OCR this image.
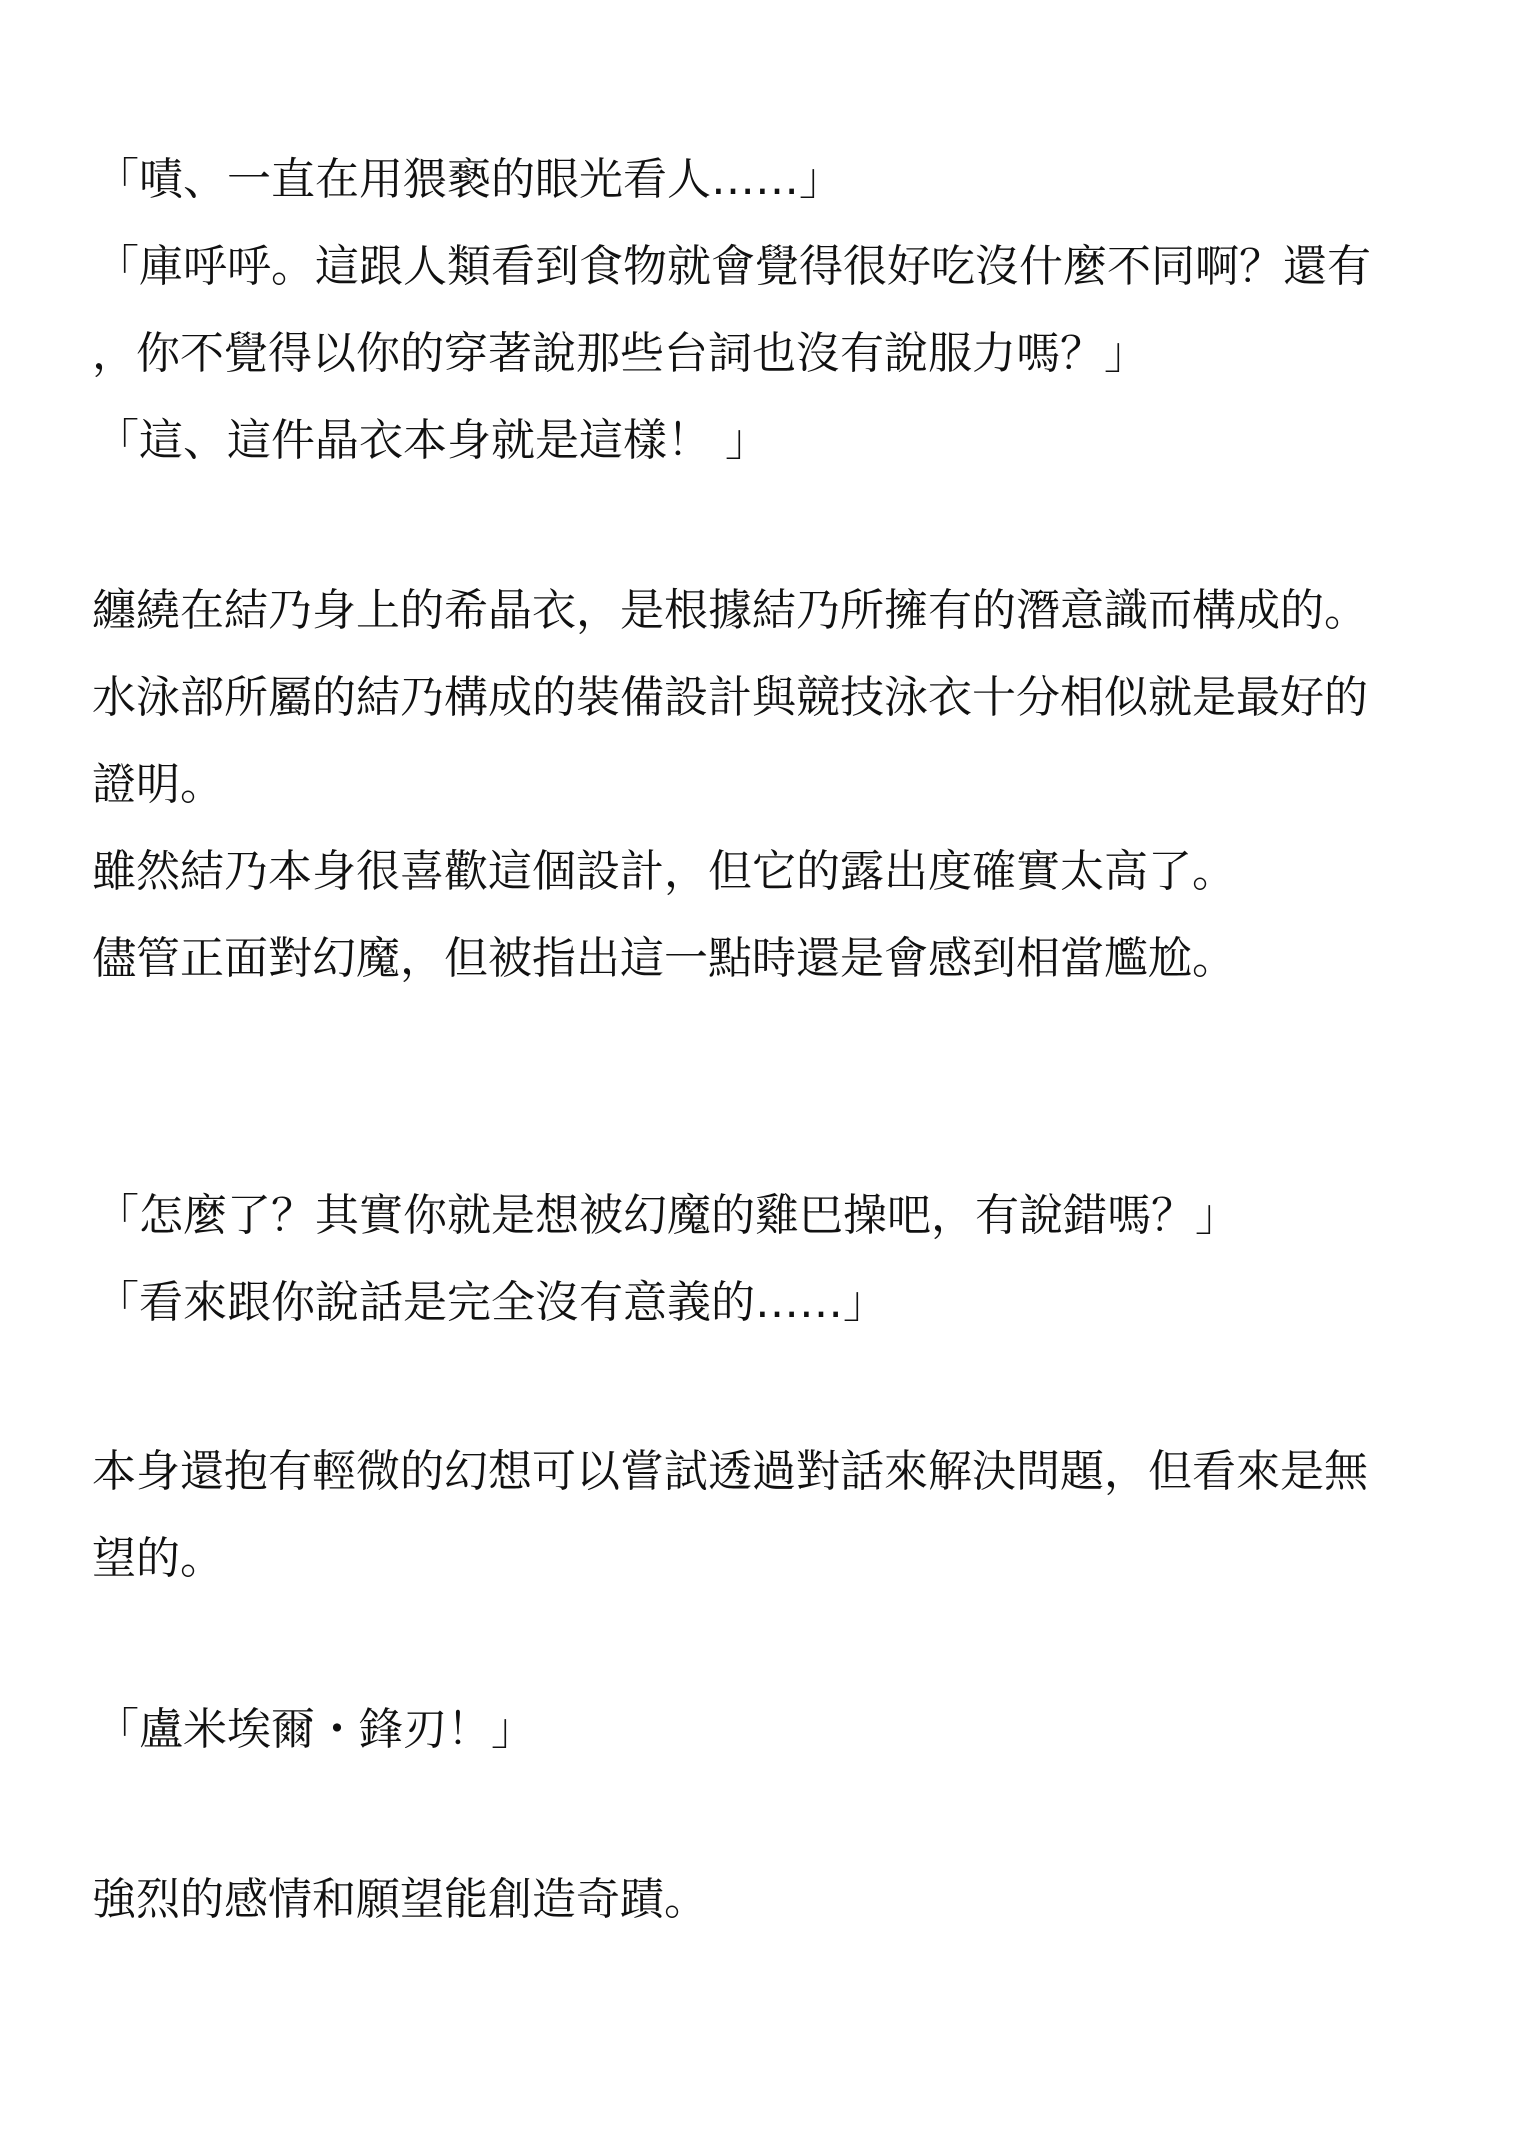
「嘖、一直在用猥褻的眼光看人……」
「庫呼呼。這跟人類看到食物就會覺得很好吃沒什麼不同啊？還有
，你不覺得以你的穿著說那些台詞也沒有說服力嗎？」
「這、這件晶衣本身就是這樣！ 」
纏繞在結乃身上的希晶衣，是根據結乃所擁有的潛意識而構成的。
水泳部所屬的結乃構成的裝備設計與競技泳衣十分相似就是最好的
證明。
雖然結乃本身很喜歡這個設計，但它的露出度確實太高了。
儘管正面對幻魔，但被指出這一點時還是會感到相當尷尬。
「怎麼了？其實你就是想被幻魔的雞巴操吧，有說錯嗎？」
「看來跟你說話是完全沒有意義的……」
本身還抱有輕微的幻想可以嘗試透過對話來解決問題，但看來是無
望的。
「盧米埃爾・鋒刃！」
強烈的感情和願望能創造奇蹟。
